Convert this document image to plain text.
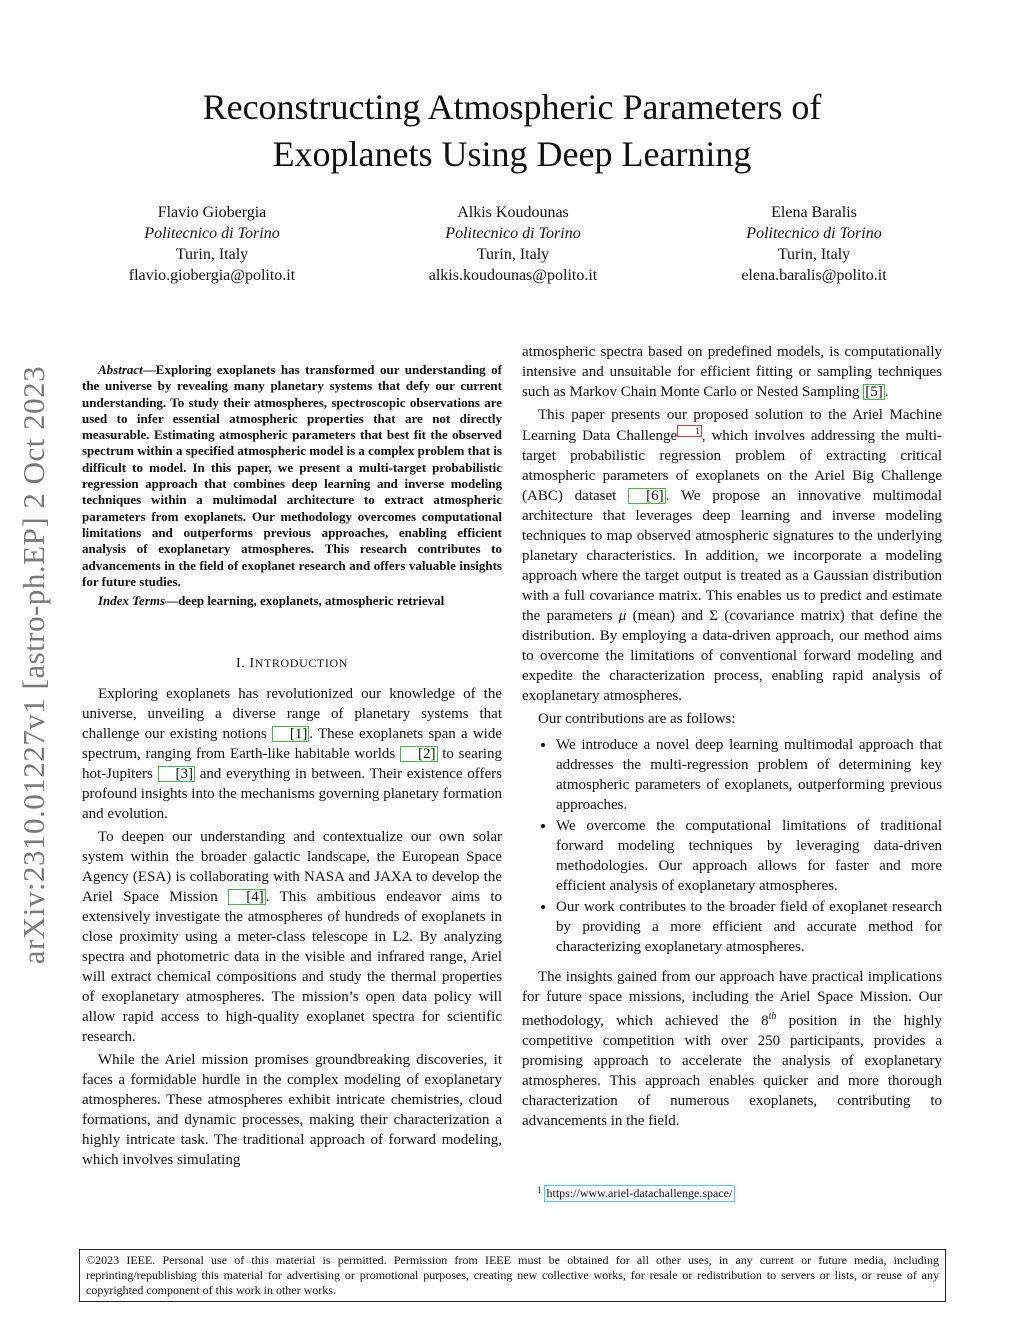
arXiv:2310.01227v1 [astro-ph.EP] 2 Oct 2023
Reconstructing Atmospheric Parameters of
Exoplanets Using Deep Learning
Flavio Giobergia
Politecnico di Torino
Turin, Italy
flavio.giobergia@polito.it
Alkis Koudounas
Politecnico di Torino
Turin, Italy
alkis.koudounas@polito.it
Elena Baralis
Politecnico di Torino
Turin, Italy
elena.baralis@polito.it

Abstract—Exploring exoplanets has transformed our understanding of the universe by revealing many planetary systems that defy our current understanding. To study their atmospheres, spectroscopic observations are used to infer essential atmospheric properties that are not directly measurable. Estimating atmospheric parameters that best fit the observed spectrum within a specified atmospheric model is a complex problem that is difficult to model. In this paper, we present a multi-target probabilistic regression approach that combines deep learning and inverse modeling techniques within a multimodal architecture to extract atmospheric parameters from exoplanets. Our methodology overcomes computational limitations and outperforms previous approaches, enabling efficient analysis of exoplanetary atmospheres. This research contributes to advancements in the field of exoplanet research and offers valuable insights for future studies.

Index Terms—deep learning, exoplanets, atmospheric retrieval

I. INTRODUCTION

Exploring exoplanets has revolutionized our knowledge of the universe, unveiling a diverse range of planetary systems that challenge our existing notions [1] . These exoplanets span a wide spectrum, ranging from Earth-like habitable worlds [2] to searing hot-Jupiters [3] and everything in between. Their existence offers profound insights into the mechanisms governing planetary formation and evolution.

To deepen our understanding and contextualize our own solar system within the broader galactic landscape, the European Space Agency (ESA) is collaborating with NASA and JAXA to develop the Ariel Space Mission [4] . This ambitious endeavor aims to extensively investigate the atmospheres of hundreds of exoplanets in close proximity using a meter-class telescope in L2. By analyzing spectra and photometric data in the visible and infrared range, Ariel will extract chemical compositions and study the thermal properties of exoplanetary atmospheres. The mission’s open data policy will allow rapid access to high-quality exoplanet spectra for scientific research.

While the Ariel mission promises groundbreaking discoveries, it faces a formidable hurdle in the complex modeling of exoplanetary atmospheres. These atmospheres exhibit intricate chemistries, cloud formations, and dynamic processes, making their characterization a highly intricate task. The traditional approach of forward modeling, which involves simulating

atmospheric spectra based on predefined models, is computationally intensive and unsuitable for efficient fitting or sampling techniques such as Markov Chain Monte Carlo or Nested Sampling [5] .

This paper presents our proposed solution to the Ariel Machine Learning Data Challenge 1 , which involves addressing the multi-target probabilistic regression problem of extracting critical atmospheric parameters of exoplanets on the Ariel Big Challenge (ABC) dataset [6] . We propose an innovative multimodal architecture that leverages deep learning and inverse modeling techniques to map observed atmospheric signatures to the underlying planetary characteristics. In addition, we incorporate a modeling approach where the target output is treated as a Gaussian distribution with a full covariance matrix. This enables us to predict and estimate the parameters μ (mean) and Σ (covariance matrix) that define the distribution. By employing a data-driven approach, our method aims to overcome the limitations of conventional forward modeling and expedite the characterization process, enabling rapid analysis of exoplanetary atmospheres.

Our contributions are as follows:

• We introduce a novel deep learning multimodal approach that addresses the multi-regression problem of determining key atmospheric parameters of exoplanets, outperforming previous approaches.
• We overcome the computational limitations of traditional forward modeling techniques by leveraging data-driven methodologies. Our approach allows for faster and more efficient analysis of exoplanetary atmospheres.
• Our work contributes to the broader field of exoplanet research by providing a more efficient and accurate method for characterizing exoplanetary atmospheres.

The insights gained from our approach have practical implications for future space missions, including the Ariel Space Mission. Our methodology, which achieved the 8th position in the highly competitive competition with over 250 participants, provides a promising approach to accelerate the analysis of exoplanetary atmospheres. This approach enables quicker and more thorough characterization of numerous exoplanets, contributing to advancements in the field.

1 https://www.ariel-datachallenge.space/
©2023 IEEE. Personal use of this material is permitted. Permission from IEEE must be obtained for all other uses, in any current or future media, including reprinting/republishing this material for advertising or promotional purposes, creating new collective works, for resale or redistribution to servers or lists, or reuse of any copyrighted component of this work in other works.
